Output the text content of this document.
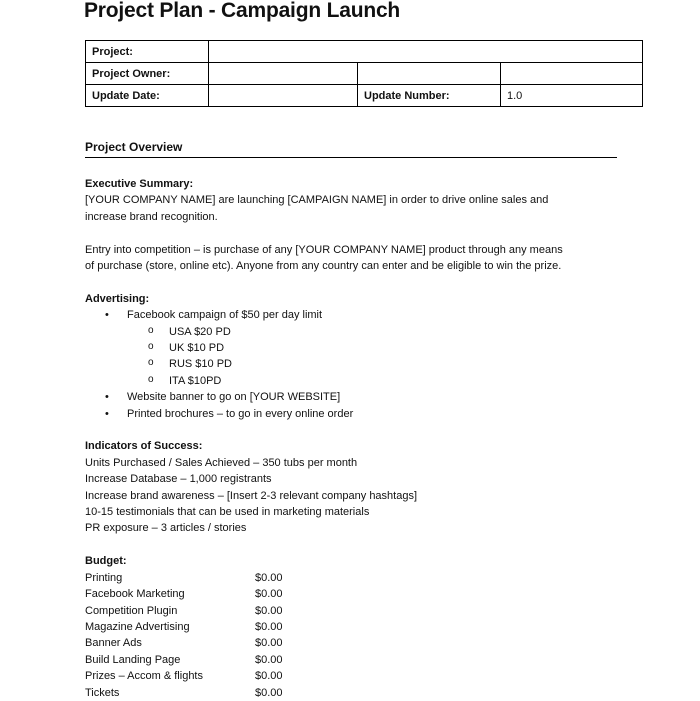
Project Plan - Campaign Launch
Project:			
Project Owner:			
Update Date:		Update Number:	1.0
Project Overview

Executive Summary:

[YOUR COMPANY NAME] are launching [CAMPAIGN NAME] in order to drive online sales and

increase brand recognition.

Entry into competition – is purchase of any [YOUR COMPANY NAME] product through any means

of purchase (store, online etc). Anyone from any country can enter and be eligible to win the prize.

Advertising:

• Facebook campaign of $50 per day limit

o USA $20 PD

o UK $10 PD

o RUS $10 PD

o ITA $10PD

• Website banner to go on [YOUR WEBSITE]

• Printed brochures – to go in every online order

Indicators of Success:

Units Purchased / Sales Achieved – 350 tubs per month

Increase Database – 1,000 registrants

Increase brand awareness – [Insert 2-3 relevant company hashtags]

10-15 testimonials that can be used in marketing materials

PR exposure – 3 articles / stories

Budget:

Printing	$0.00
Facebook Marketing	$0.00
Competition Plugin	$0.00
Magazine Advertising	$0.00
Banner Ads	$0.00
Build Landing Page	$0.00
Prizes – Accom & flights	$0.00
Tickets	$0.00
